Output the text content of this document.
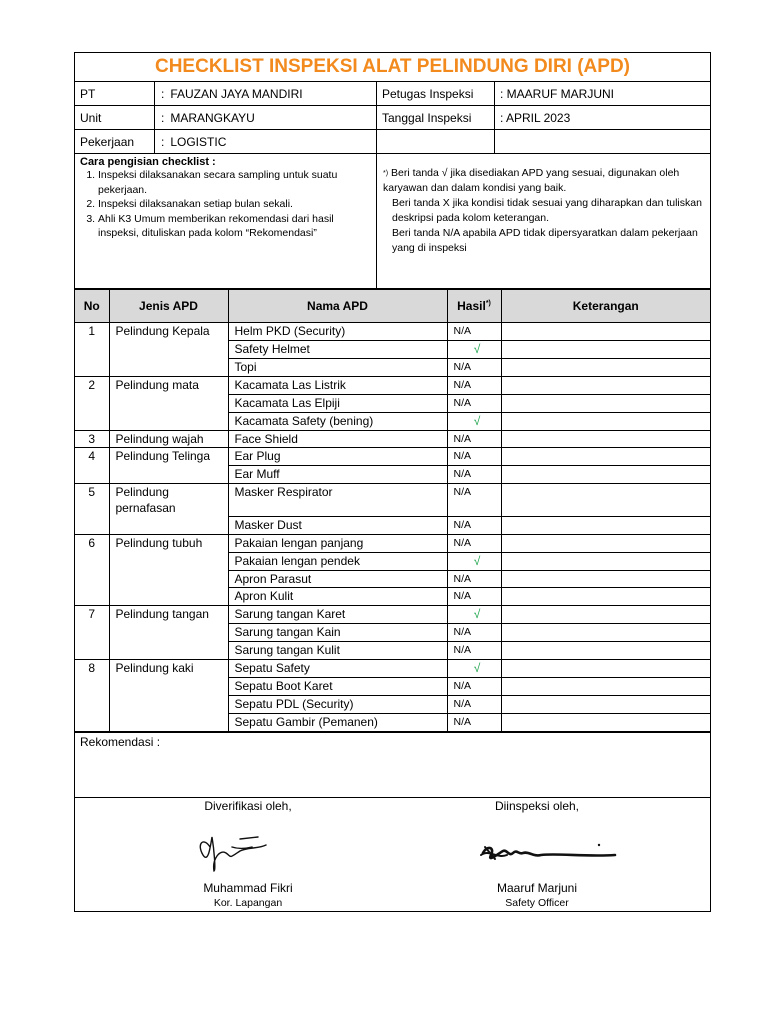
CHECKLIST INSPEKSI ALAT PELINDUNG DIRI (APD)
PT	: FAUZAN JAYA MANDIRI	Petugas Inspeksi	: MAARUF MARJUNI
Unit	: MARANGKAYU	Tanggal Inspeksi	: APRIL 2023
Pekerjaan	: LOGISTIC
Cara pengisian checklist :
1. Inspeksi dilaksanakan secara sampling untuk suatu pekerjaan.
2. Inspeksi dilaksanakan setiap bulan sekali.
3. Ahli K3 Umum memberikan rekomendasi dari hasil inspeksi, dituliskan pada kolom “Rekomendasi”
*) Beri tanda √ jika disediakan APD yang sesuai, digunakan oleh karyawan dan dalam kondisi yang baik.
Beri tanda X jika kondisi tidak sesuai yang diharapkan dan tuliskan deskripsi pada kolom keterangan.
Beri tanda N/A apabila APD tidak dipersyaratkan dalam pekerjaan yang di inspeksi
No	Jenis APD	Nama APD	Hasil*)	Keterangan
1	Pelindung Kepala	Helm PKD (Security)	N/A	
		Safety Helmet	√	
		Topi	N/A	
2	Pelindung mata	Kacamata Las Listrik	N/A	
		Kacamata Las Elpiji	N/A	
		Kacamata Safety (bening)	√	
3	Pelindung wajah	Face Shield	N/A	
4	Pelindung Telinga	Ear Plug	N/A	
		Ear Muff	N/A	
5	Pelindung pernafasan	Masker Respirator	N/A	
		Masker Dust	N/A	
6	Pelindung tubuh	Pakaian lengan panjang	N/A	
		Pakaian lengan pendek	√	
		Apron Parasut	N/A	
		Apron Kulit	N/A	
7	Pelindung tangan	Sarung tangan Karet	√	
		Sarung tangan Kain	N/A	
		Sarung tangan Kulit	N/A	
8	Pelindung kaki	Sepatu Safety	√	
		Sepatu Boot Karet	N/A	
		Sepatu PDL (Security)	N/A	
		Sepatu Gambir (Pemanen)	N/A	
Rekomendasi :
Diverifikasi oleh,
Muhammad Fikri
Kor. Lapangan
Diinspeksi oleh,
Maaruf Marjuni
Safety Officer
